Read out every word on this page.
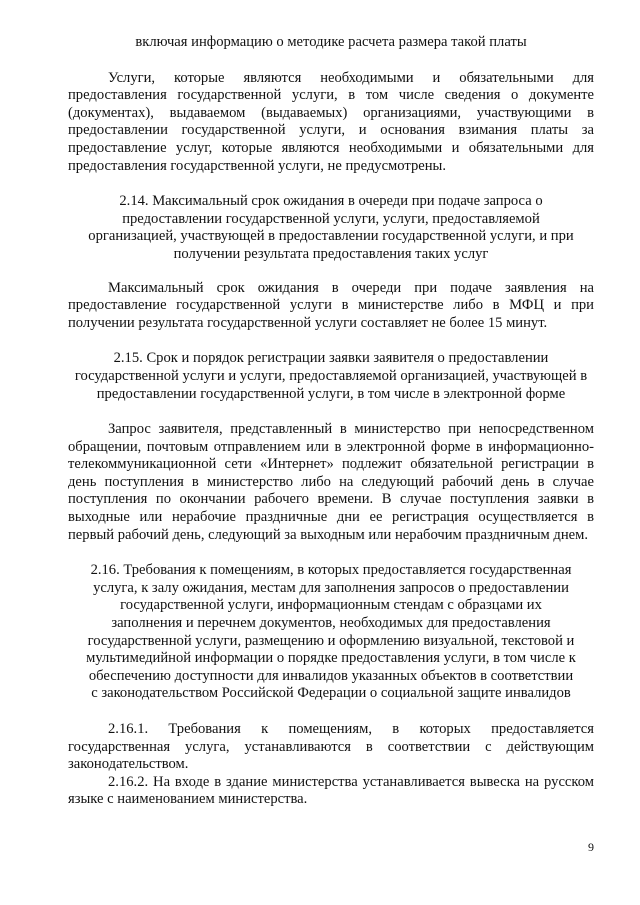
включая информацию о методике расчета размера такой платы

Услуги, которые являются необходимыми и обязательными для предоставления государственной услуги, в том числе сведения о документе (документах), выдаваемом (выдаваемых) организациями, участвующими в предоставлении государственной услуги, и основания взимания платы за предоставление услуг, которые являются необходимыми и обязательными для предоставления государственной услуги, не предусмотрены.

2.14. Максимальный срок ожидания в очереди при подаче запроса о предоставлении государственной услуги, услуги, предоставляемой организацией, участвующей в предоставлении государственной услуги, и при получении результата предоставления таких услуг

Максимальный срок ожидания в очереди при подаче заявления на предоставление государственной услуги в министерстве либо в МФЦ и при получении результата государственной услуги составляет не более 15 минут.

2.15. Срок и порядок регистрации заявки заявителя о предоставлении государственной услуги и услуги, предоставляемой организацией, участвующей в предоставлении государственной услуги, в том числе в электронной форме

Запрос заявителя, представленный в министерство при непосредственном обращении, почтовым отправлением или в электронной форме в информационно-телекоммуникационной сети «Интернет» подлежит обязательной регистрации в день поступления в министерство либо на следующий рабочий день в случае поступления по окончании рабочего времени. В случае поступления заявки в выходные или нерабочие праздничные дни ее регистрация осуществляется в первый рабочий день, следующий за выходным или нерабочим праздничным днем.

2.16. Требования к помещениям, в которых предоставляется государственная услуга, к залу ожидания, местам для заполнения запросов о предоставлении государственной услуги, информационным стендам с образцами их заполнения и перечнем документов, необходимых для предоставления государственной услуги, размещению и оформлению визуальной, текстовой и мультимедийной информации о порядке предоставления услуги, в том числе к обеспечению доступности для инвалидов указанных объектов в соответствии с законодательством Российской Федерации о социальной защите инвалидов

2.16.1. Требования к помещениям, в которых предоставляется государственная услуга, устанавливаются в соответствии с действующим законодательством.

2.16.2. На входе в здание министерства устанавливается вывеска на русском языке с наименованием министерства.

9
